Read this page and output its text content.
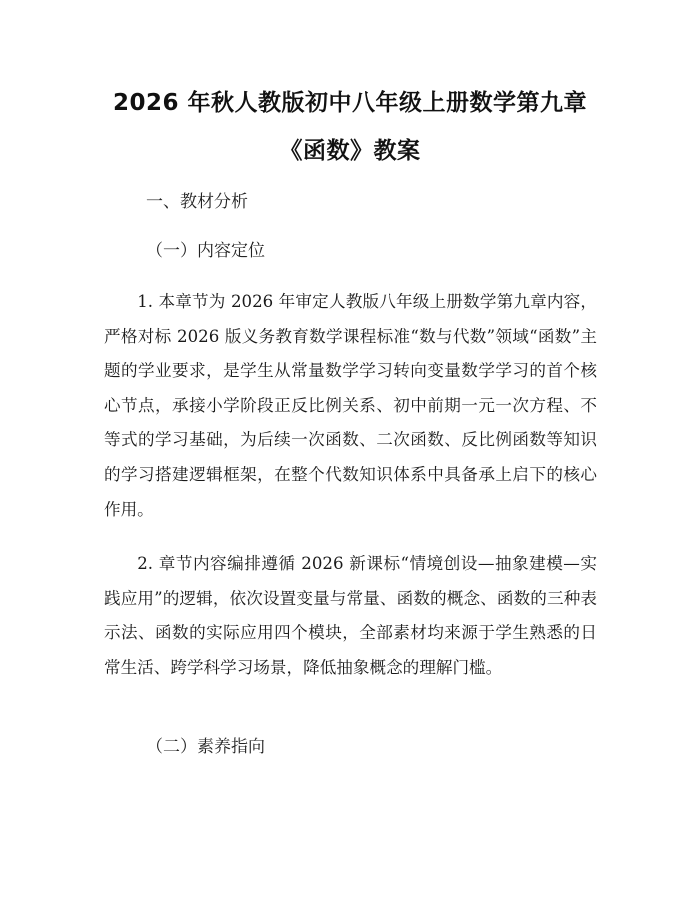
2026 年秋人教版初中八年级上册数学第九章
《函数》教案
一、教材分析
（一）内容定位

1. 本章节为 2026 年审定人教版八年级上册数学第九章内容，严格对标 2026 版义务教育数学课程标准“数与代数”领域“函数”主题的学业要求，是学生从常量数学学习转向变量数学学习的首个核心节点，承接小学阶段正反比例关系、初中前期一元一次方程、不等式的学习基础，为后续一次函数、二次函数、反比例函数等知识的学习搭建逻辑框架，在整个代数知识体系中具备承上启下的核心作用。

2. 章节内容编排遵循 2026 新课标“情境创设—抽象建模—实践应用”的逻辑，依次设置变量与常量、函数的概念、函数的三种表示法、函数的实际应用四个模块，全部素材均来源于学生熟悉的日常生活、跨学科学习场景，降低抽象概念的理解门槛。

（二）素养指向
